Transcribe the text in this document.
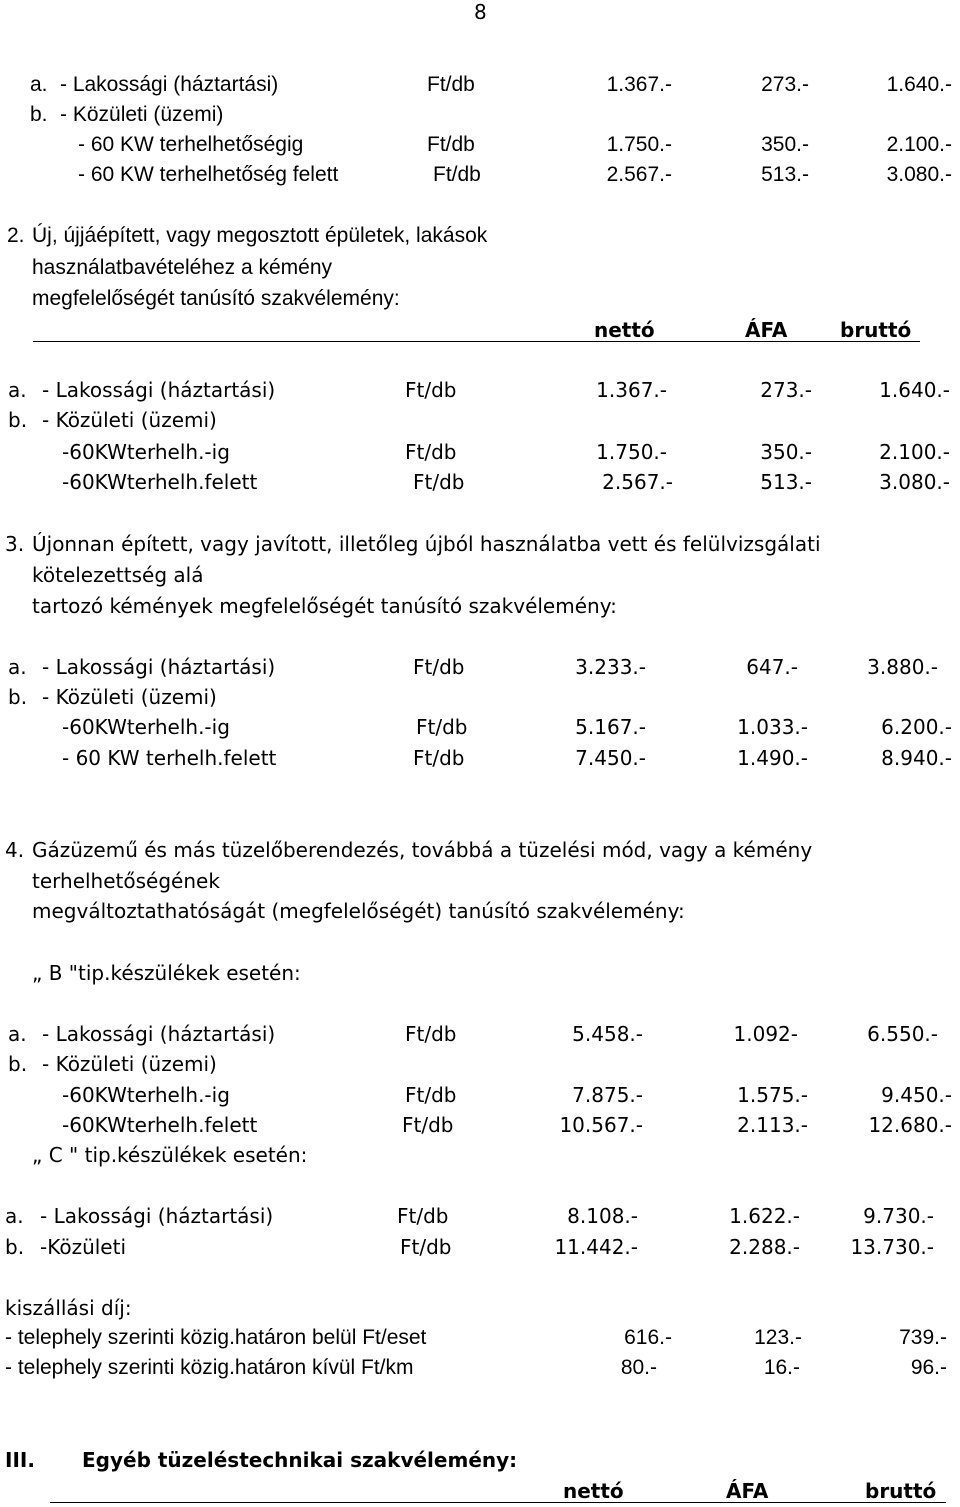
8
a. - Lakossági (háztartási)	Ft/db	1.367.-	273.-	1.640.-
b. - Közületi (üzemi)
- 60 KW terhelhetőségig	Ft/db	1.750.-	350.-	2.100.-
- 60 KW terhelhetőség felett	Ft/db	2.567.-	513.-	3.080.-
2. Új, újjáépített, vagy megosztott épületek, lakások
használatbavételéhez a kémény
megfelelőségét tanúsító szakvélemény:
nettó	ÁFA	bruttó
a. - Lakossági (háztartási)	Ft/db	1.367.-	273.-	1.640.-
b. - Közületi (üzemi)
-60KWterhelh.-ig	Ft/db	1.750.-	350.-	2.100.-
-60KWterhelh.felett	Ft/db	2.567.-	513.-	3.080.-
3. Újonnan épített, vagy javított, illetőleg újból használatba vett és felülvizsgálati
kötelezettség alá
tartozó kémények megfelelőségét tanúsító szakvélemény:
a. - Lakossági (háztartási)	Ft/db	3.233.-	647.-	3.880.-
b. - Közületi (üzemi)
-60KWterhelh.-ig	Ft/db	5.167.-	1.033.-	6.200.-
- 60 KW terhelh.felett	Ft/db	7.450.-	1.490.-	8.940.-
4. Gázüzemű és más tüzelőberendezés, továbbá a tüzelési mód, vagy a kémény
terhelhetőségének
megváltoztathatóságát (megfelelőségét) tanúsító szakvélemény:
„ B "tip.készülékek esetén:
a. - Lakossági (háztartási)	Ft/db	5.458.-	1.092-	6.550.-
b. - Közületi (üzemi)
-60KWterhelh.-ig	Ft/db	7.875.-	1.575.-	9.450.-
-60KWterhelh.felett	Ft/db	10.567.-	2.113.-	12.680.-
„ C " tip.készülékek esetén:
a. - Lakossági (háztartási)	Ft/db	8.108.-	1.622.-	9.730.-
b. -Közületi	Ft/db	11.442.-	2.288.-	13.730.-
kiszállási díj:
- telephely szerinti közig.határon belül Ft/eset	616.-	123.-	739.-
- telephely szerinti közig.határon kívül Ft/km	80.-	16.-	96.-
III. Egyéb tüzeléstechnikai szakvélemény:
nettó	ÁFA	bruttó
